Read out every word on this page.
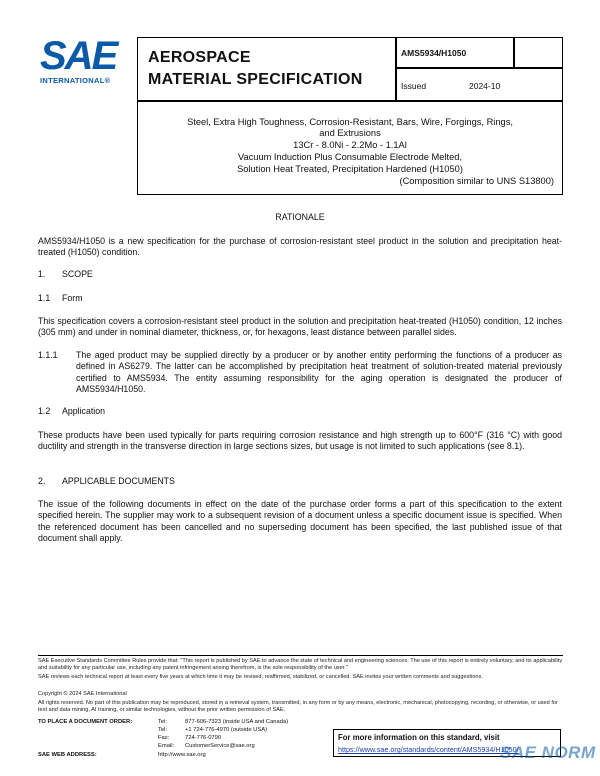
SAE
INTERNATIONAL®
AEROSPACE
MATERIAL SPECIFICATION
AMS5934/H1050
Issued	2024-10
Steel, Extra High Toughness, Corrosion-Resistant, Bars, Wire, Forgings, Rings,
and Extrusions
13Cr - 8.0Ni - 2.2Mo - 1.1Al
Vacuum Induction Plus Consumable Electrode Melted,
Solution Heat Treated, Precipitation Hardened (H1050)
(Composition similar to UNS S13800)
RATIONALE
AMS5934/H1050 is a new specification for the purchase of corrosion-resistant steel product in the solution and precipitation heat-treated (H1050) condition.
1. SCOPE
1.1 Form
This specification covers a corrosion-resistant steel product in the solution and precipitation heat-treated (H1050) condition, 12 inches (305 mm) and under in nominal diameter, thickness, or, for hexagons, least distance between parallel sides.
1.1.1 The aged product may be supplied directly by a producer or by another entity performing the functions of a producer as defined in AS6279. The latter can be accomplished by precipitation heat treatment of solution-treated material previously certified to AMS5934. The entity assuming responsibility for the aging operation is designated the producer of AMS5934/H1050.
1.2 Application
These products have been used typically for parts requiring corrosion resistance and high strength up to 600°F (316 °C) with good ductility and strength in the transverse direction in large sections sizes, but usage is not limited to such applications (see 8.1).
2. APPLICABLE DOCUMENTS
The issue of the following documents in effect on the date of the purchase order forms a part of this specification to the extent specified herein. The supplier may work to a subsequent revision of a document unless a specific document issue is specified. When the referenced document has been cancelled and no superseding document has been specified, the last published issue of that document shall apply.
SAE Executive Standards Committee Rules provide that: "This report is published by SAE to advance the state of technical and engineering sciences. The use of this report is entirely voluntary, and its applicability and suitability for any particular use, including any patent infringement arising therefrom, is the sole responsibility of the user."
SAE reviews each technical report at least every five years at which time it may be revised, reaffirmed, stabilized, or cancelled. SAE invites your written comments and suggestions.
Copyright © 2024 SAE International
All rights reserved. No part of this publication may be reproduced, stored in a retrieval system, transmitted, in any form or by any means, electronic, mechanical, photocopying, recording, or otherwise, or used for text and data mining, AI training, or similar technologies, without the prior written permission of SAE.
TO PLACE A DOCUMENT ORDER:	Tel:	877-606-7323 (inside USA and Canada)
Tel:	+1 724-776-4970 (outside USA)
Fax:	724-776-0790
Email: CustomerService@sae.org
SAE WEB ADDRESS:	http://www.sae.org
For more information on this standard, visit
https://www.sae.org/standards/content/AMS5934/H1050/
SAE NORM
